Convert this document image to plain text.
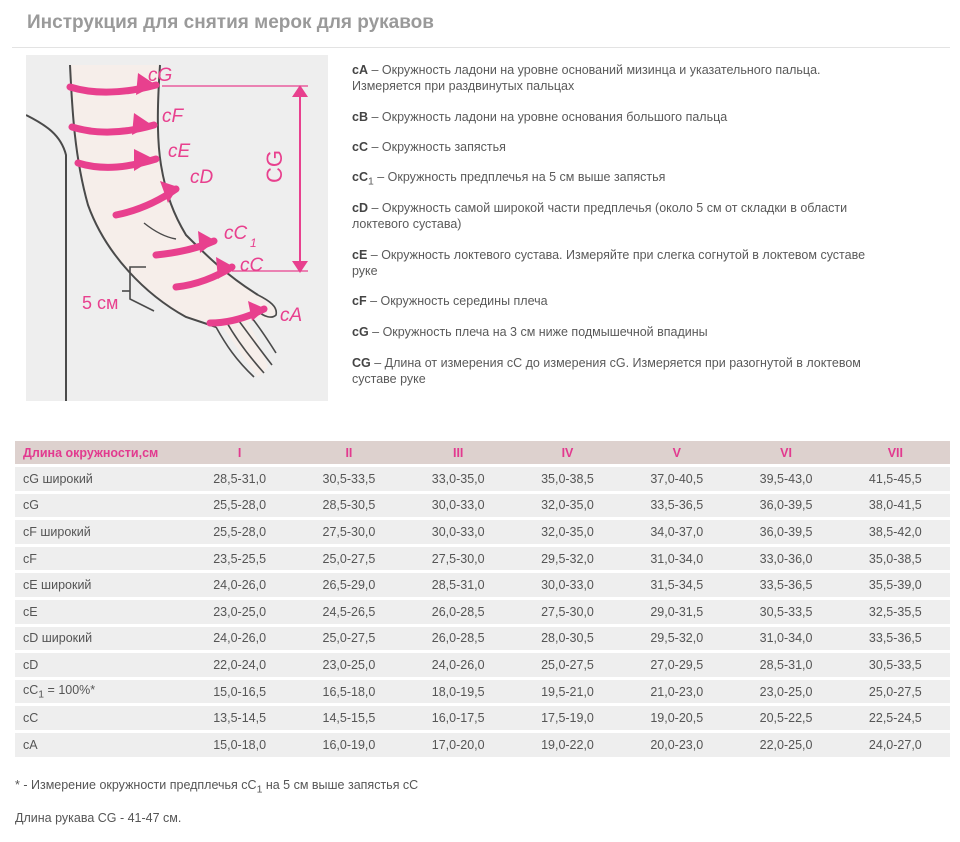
Инструкция для снятия мерок для рукавов
CG
5 см
cG
cF
cE
cD
cC 1
cC
cA
cA – Окружность ладони на уровне оснований мизинца и указательного пальца.
Измеряется при раздвинутых пальцах
cB – Окружность ладони на уровне основания большого пальца
cC – Окружность запястья
$cC_1$ – Окружность предплечья на 5 см выше запястья
cD – Окружность самой широкой части предплечья (около 5 см от складки в области
локтевого сустава)
cE – Окружность локтевого сустава. Измеряйте при слегка согнутой в локтевом суставе
руке
cF – Окружность середины плеча
cG – Окружность плеча на 3 см ниже подмышечной впадины
CG – Длина от измерения cC до измерения cG. Измеряется при разогнутой в локтевом
суставе руке
Длина окружности,см	I	II	III	IV	V	VI	VII
cG широкий	28,5-31,0	30,5-33,5	33,0-35,0	35,0-38,5	37,0-40,5	39,5-43,0	41,5-45,5
cG	25,5-28,0	28,5-30,5	30,0-33,0	32,0-35,0	33,5-36,5	36,0-39,5	38,0-41,5
cF широкий	25,5-28,0	27,5-30,0	30,0-33,0	32,0-35,0	34,0-37,0	36,0-39,5	38,5-42,0
cF	23,5-25,5	25,0-27,5	27,5-30,0	29,5-32,0	31,0-34,0	33,0-36,0	35,0-38,5
cE широкий	24,0-26,0	26,5-29,0	28,5-31,0	30,0-33,0	31,5-34,5	33,5-36,5	35,5-39,0
cE	23,0-25,0	24,5-26,5	26,0-28,5	27,5-30,0	29,0-31,5	30,5-33,5	32,5-35,5
cD широкий	24,0-26,0	25,0-27,5	26,0-28,5	28,0-30,5	29,5-32,0	31,0-34,0	33,5-36,5
cD	22,0-24,0	23,0-25,0	24,0-26,0	25,0-27,5	27,0-29,5	28,5-31,0	30,5-33,5
$cC_1 = 100\%*$	15,0-16,5	16,5-18,0	18,0-19,5	19,5-21,0	21,0-23,0	23,0-25,0	25,0-27,5
cC	13,5-14,5	14,5-15,5	16,0-17,5	17,5-19,0	19,0-20,5	20,5-22,5	22,5-24,5
cA	15,0-18,0	16,0-19,0	17,0-20,0	19,0-22,0	20,0-23,0	22,0-25,0	24,0-27,0
* - Измерение окружности предплечья $cC_1$ на 5 см выше запястья cC
Длина рукава CG - 41-47 см.
